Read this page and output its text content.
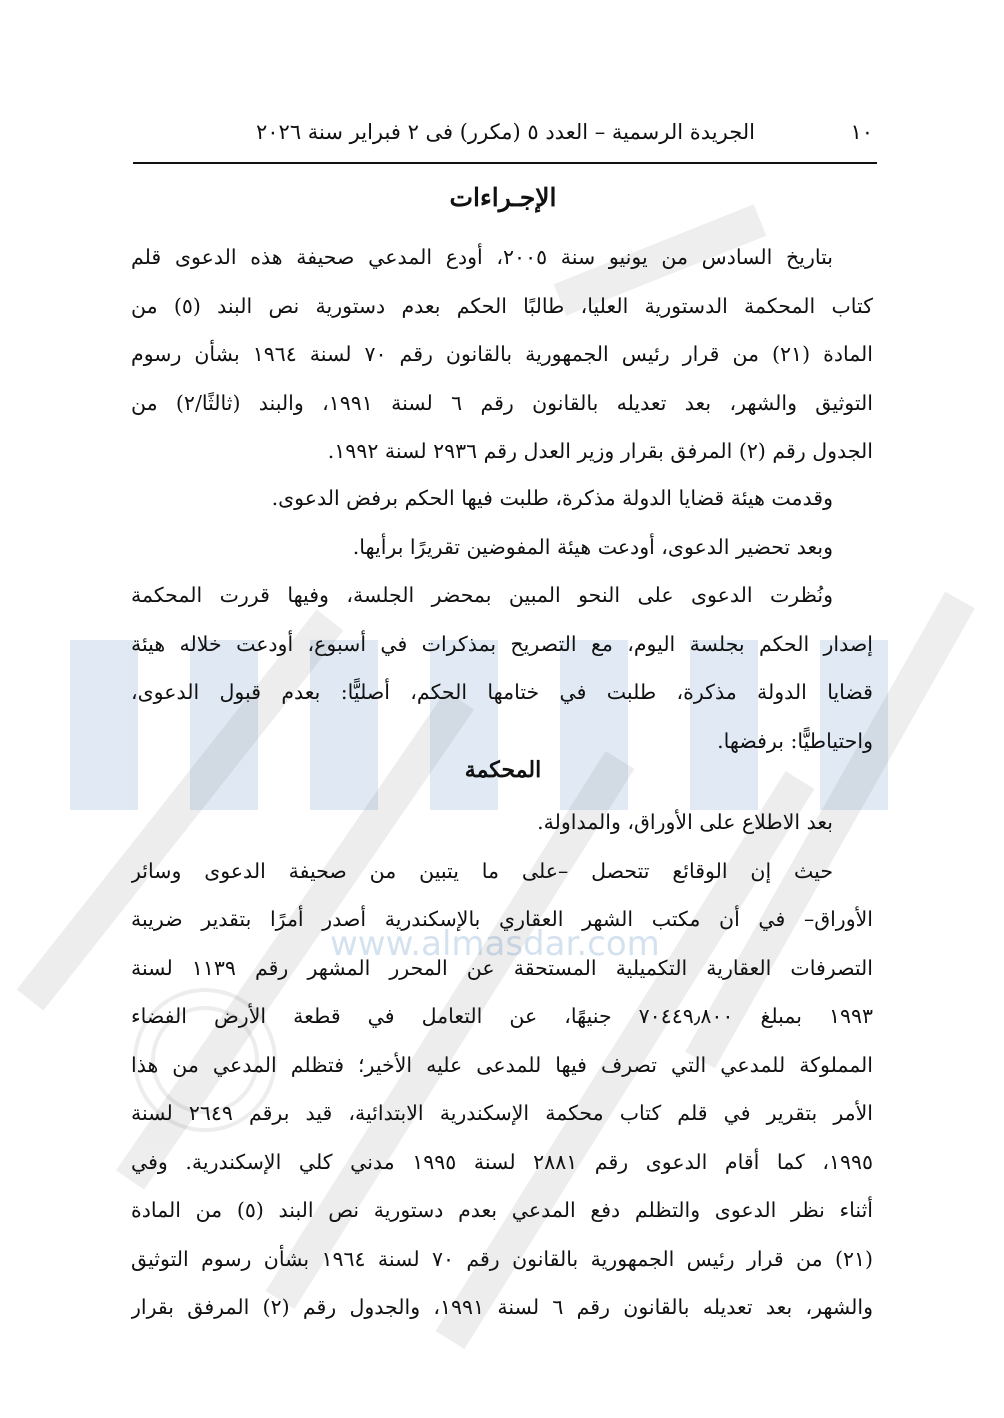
www.almasdar.com
١٠
الجريدة الرسمية – العدد ٥ (مكرر) فى ٢ فبراير سنة ٢٠٢٦
الإجـراءات
بتاريخ السادس من يونيو سنة ٢٠٠٥، أودع المدعي صحيفة هذه الدعوى قلم
كتاب المحكمة الدستورية العليا، طالبًا الحكم بعدم دستورية نص البند (٥) من
المادة (٢١) من قرار رئيس الجمهورية بالقانون رقم ٧٠ لسنة ١٩٦٤ بشأن رسوم
التوثيق والشهر، بعد تعديله بالقانون رقم ٦ لسنة ١٩٩١، والبند (ثالثًا/٢) من
الجدول رقم (٢) المرفق بقرار وزير العدل رقم ٢٩٣٦ لسنة ١٩٩٢.
وقدمت هيئة قضايا الدولة مذكرة، طلبت فيها الحكم برفض الدعوى.
وبعد تحضير الدعوى، أودعت هيئة المفوضين تقريرًا برأيها.
ونُظرت الدعوى على النحو المبين بمحضر الجلسة، وفيها قررت المحكمة
إصدار الحكم بجلسة اليوم، مع التصريح بمذكرات في أسبوع، أودعت خلاله هيئة
قضايا الدولة مذكرة، طلبت في ختامها الحكم، أصليًّا: بعدم قبول الدعوى،
واحتياطيًّا: برفضها.
المحكمة
بعد الاطلاع على الأوراق، والمداولة.
حيث إن الوقائع تتحصل –على ما يتبين من صحيفة الدعوى وسائر
الأوراق– في أن مكتب الشهر العقاري بالإسكندرية أصدر أمرًا بتقدير ضريبة
التصرفات العقارية التكميلية المستحقة عن المحرر المشهر رقم ١١٣٩ لسنة
١٩٩٣ بمبلغ ٧٠٤٤٩٫٨٠٠ جنيهًا، عن التعامل في قطعة الأرض الفضاء
المملوكة للمدعي التي تصرف فيها للمدعى عليه الأخير؛ فتظلم المدعي من هذا
الأمر بتقرير في قلم كتاب محكمة الإسكندرية الابتدائية، قيد برقم ٢٦٤٩ لسنة
١٩٩٥، كما أقام الدعوى رقم ٢٨٨١ لسنة ١٩٩٥ مدني كلي الإسكندرية. وفي
أثناء نظر الدعوى والتظلم دفع المدعي بعدم دستورية نص البند (٥) من المادة
(٢١) من قرار رئيس الجمهورية بالقانون رقم ٧٠ لسنة ١٩٦٤ بشأن رسوم التوثيق
والشهر، بعد تعديله بالقانون رقم ٦ لسنة ١٩٩١، والجدول رقم (٢) المرفق بقرار
